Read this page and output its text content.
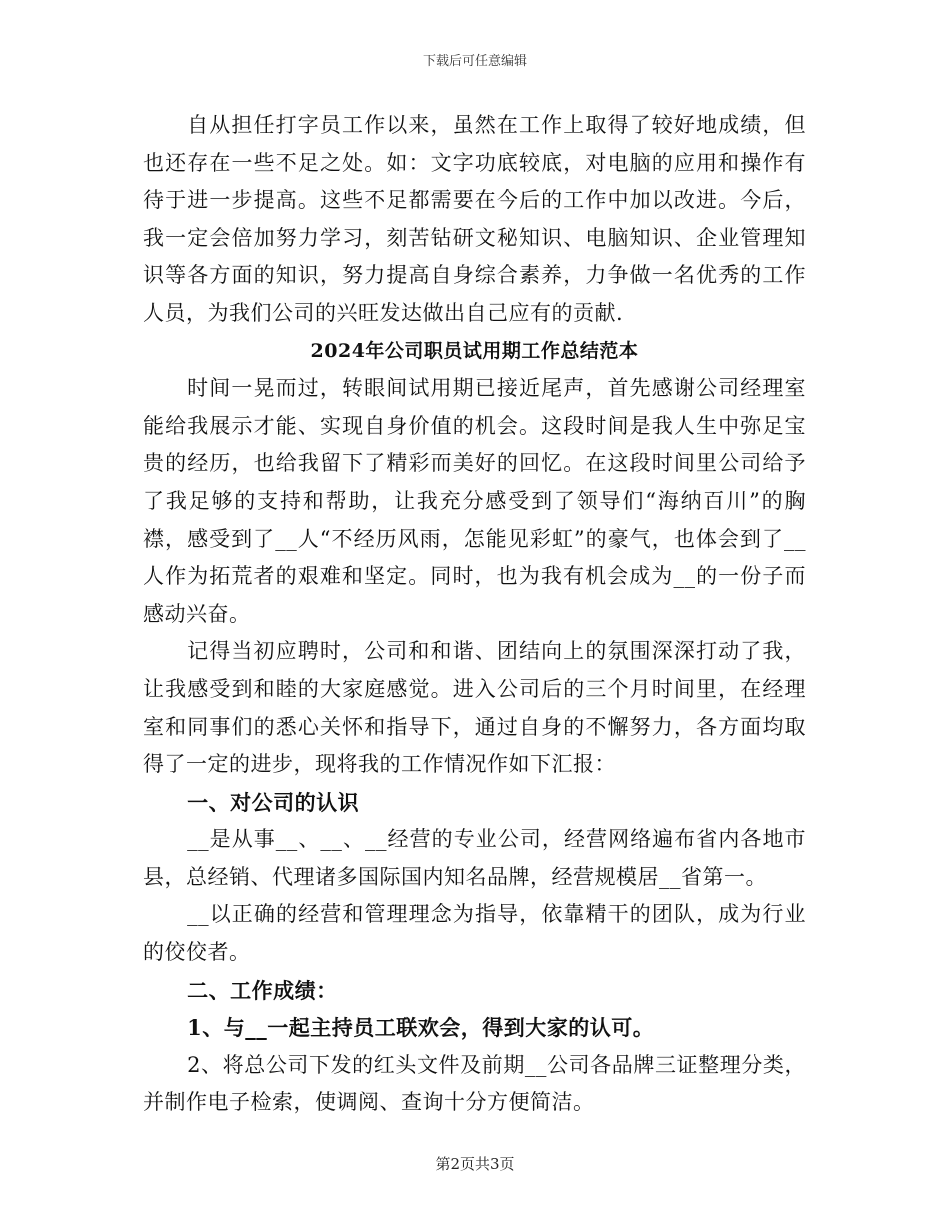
下载后可任意编辑

自从担任打字员工作以来，虽然在工作上取得了较好地成绩，但也还存在一些不足之处。如：文字功底较底，对电脑的应用和操作有待于进一步提高。这些不足都需要在今后的工作中加以改进。今后，我一定会倍加努力学习，刻苦钻研文秘知识、电脑知识、企业管理知识等各方面的知识，努力提高自身综合素养，力争做一名优秀的工作人员，为我们公司的兴旺发达做出自己应有的贡献.

2024年公司职员试用期工作总结范本

时间一晃而过，转眼间试用期已接近尾声，首先感谢公司经理室能给我展示才能、实现自身价值的机会。这段时间是我人生中弥足宝贵的经历，也给我留下了精彩而美好的回忆。在这段时间里公司给予了我足够的支持和帮助，让我充分感受到了领导们“海纳百川”的胸襟，感受到了__人“不经历风雨，怎能见彩虹”的豪气，也体会到了__人作为拓荒者的艰难和坚定。同时，也为我有机会成为__的一份子而感动兴奋。

记得当初应聘时，公司和和谐、团结向上的氛围深深打动了我，让我感受到和睦的大家庭感觉。进入公司后的三个月时间里，在经理室和同事们的悉心关怀和指导下，通过自身的不懈努力，各方面均取得了一定的进步，现将我的工作情况作如下汇报：

一、对公司的认识

__是从事__、__、__经营的专业公司，经营网络遍布省内各地市县，总经销、代理诸多国际国内知名品牌，经营规模居__省第一。

__以正确的经营和管理理念为指导，依靠精干的团队，成为行业的佼佼者。

二、工作成绩：

1、与__一起主持员工联欢会，得到大家的认可。

2、将总公司下发的红头文件及前期__公司各品牌三证整理分类，并制作电子检索，使调阅、查询十分方便简洁。

第2页共3页
